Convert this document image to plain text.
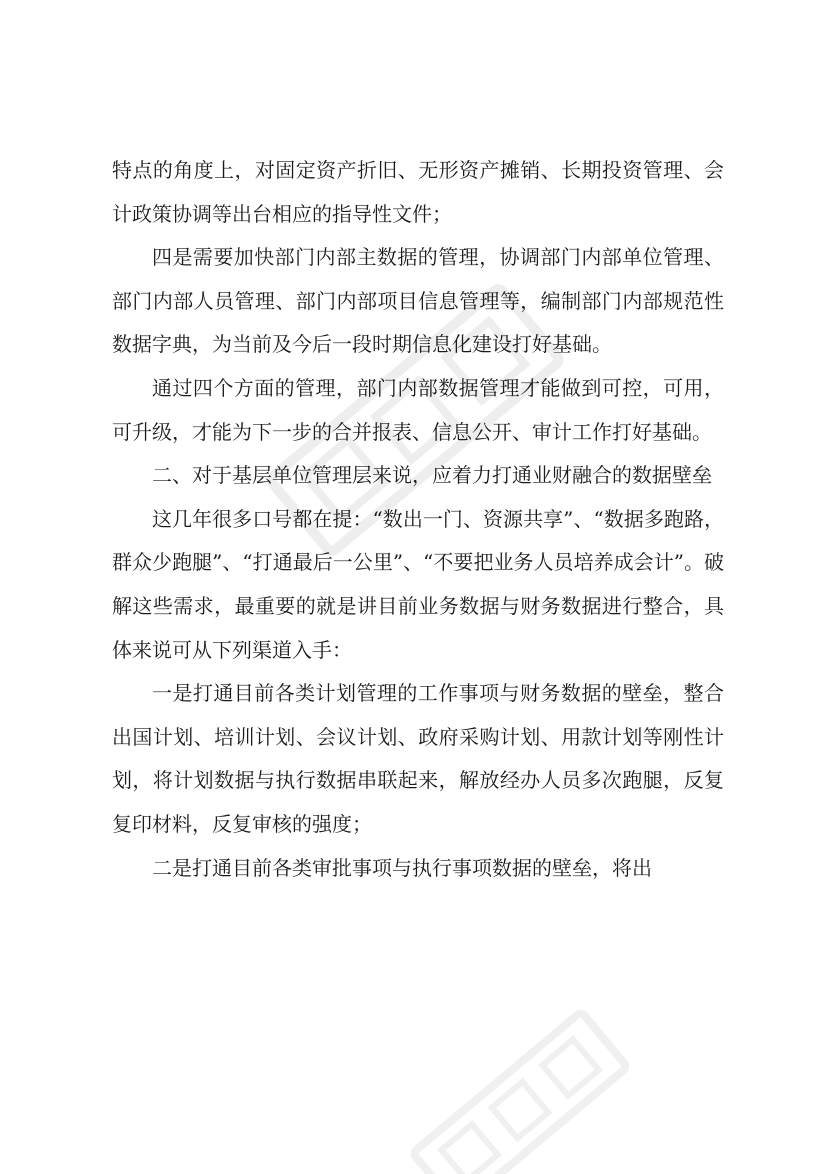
特点的角度上，对固定资产折旧、无形资产摊销、长期投资管理、会计政策协调等出台相应的指导性文件；

四是需要加快部门内部主数据的管理，协调部门内部单位管理、部门内部人员管理、部门内部项目信息管理等，编制部门内部规范性数据字典，为当前及今后一段时期信息化建设打好基础。

通过四个方面的管理，部门内部数据管理才能做到可控，可用，可升级，才能为下一步的合并报表、信息公开、审计工作打好基础。

二、对于基层单位管理层来说，应着力打通业财融合的数据壁垒

这几年很多口号都在提：“数出一门、资源共享”、“数据多跑路，群众少跑腿”、“打通最后一公里”、“不要把业务人员培养成会计”。破解这些需求，最重要的就是讲目前业务数据与财务数据进行整合，具体来说可从下列渠道入手：

一是打通目前各类计划管理的工作事项与财务数据的壁垒，整合出国计划、培训计划、会议计划、政府采购计划、用款计划等刚性计划，将计划数据与执行数据串联起来，解放经办人员多次跑腿，反复复印材料，反复审核的强度；

二是打通目前各类审批事项与执行事项数据的壁垒，将出
